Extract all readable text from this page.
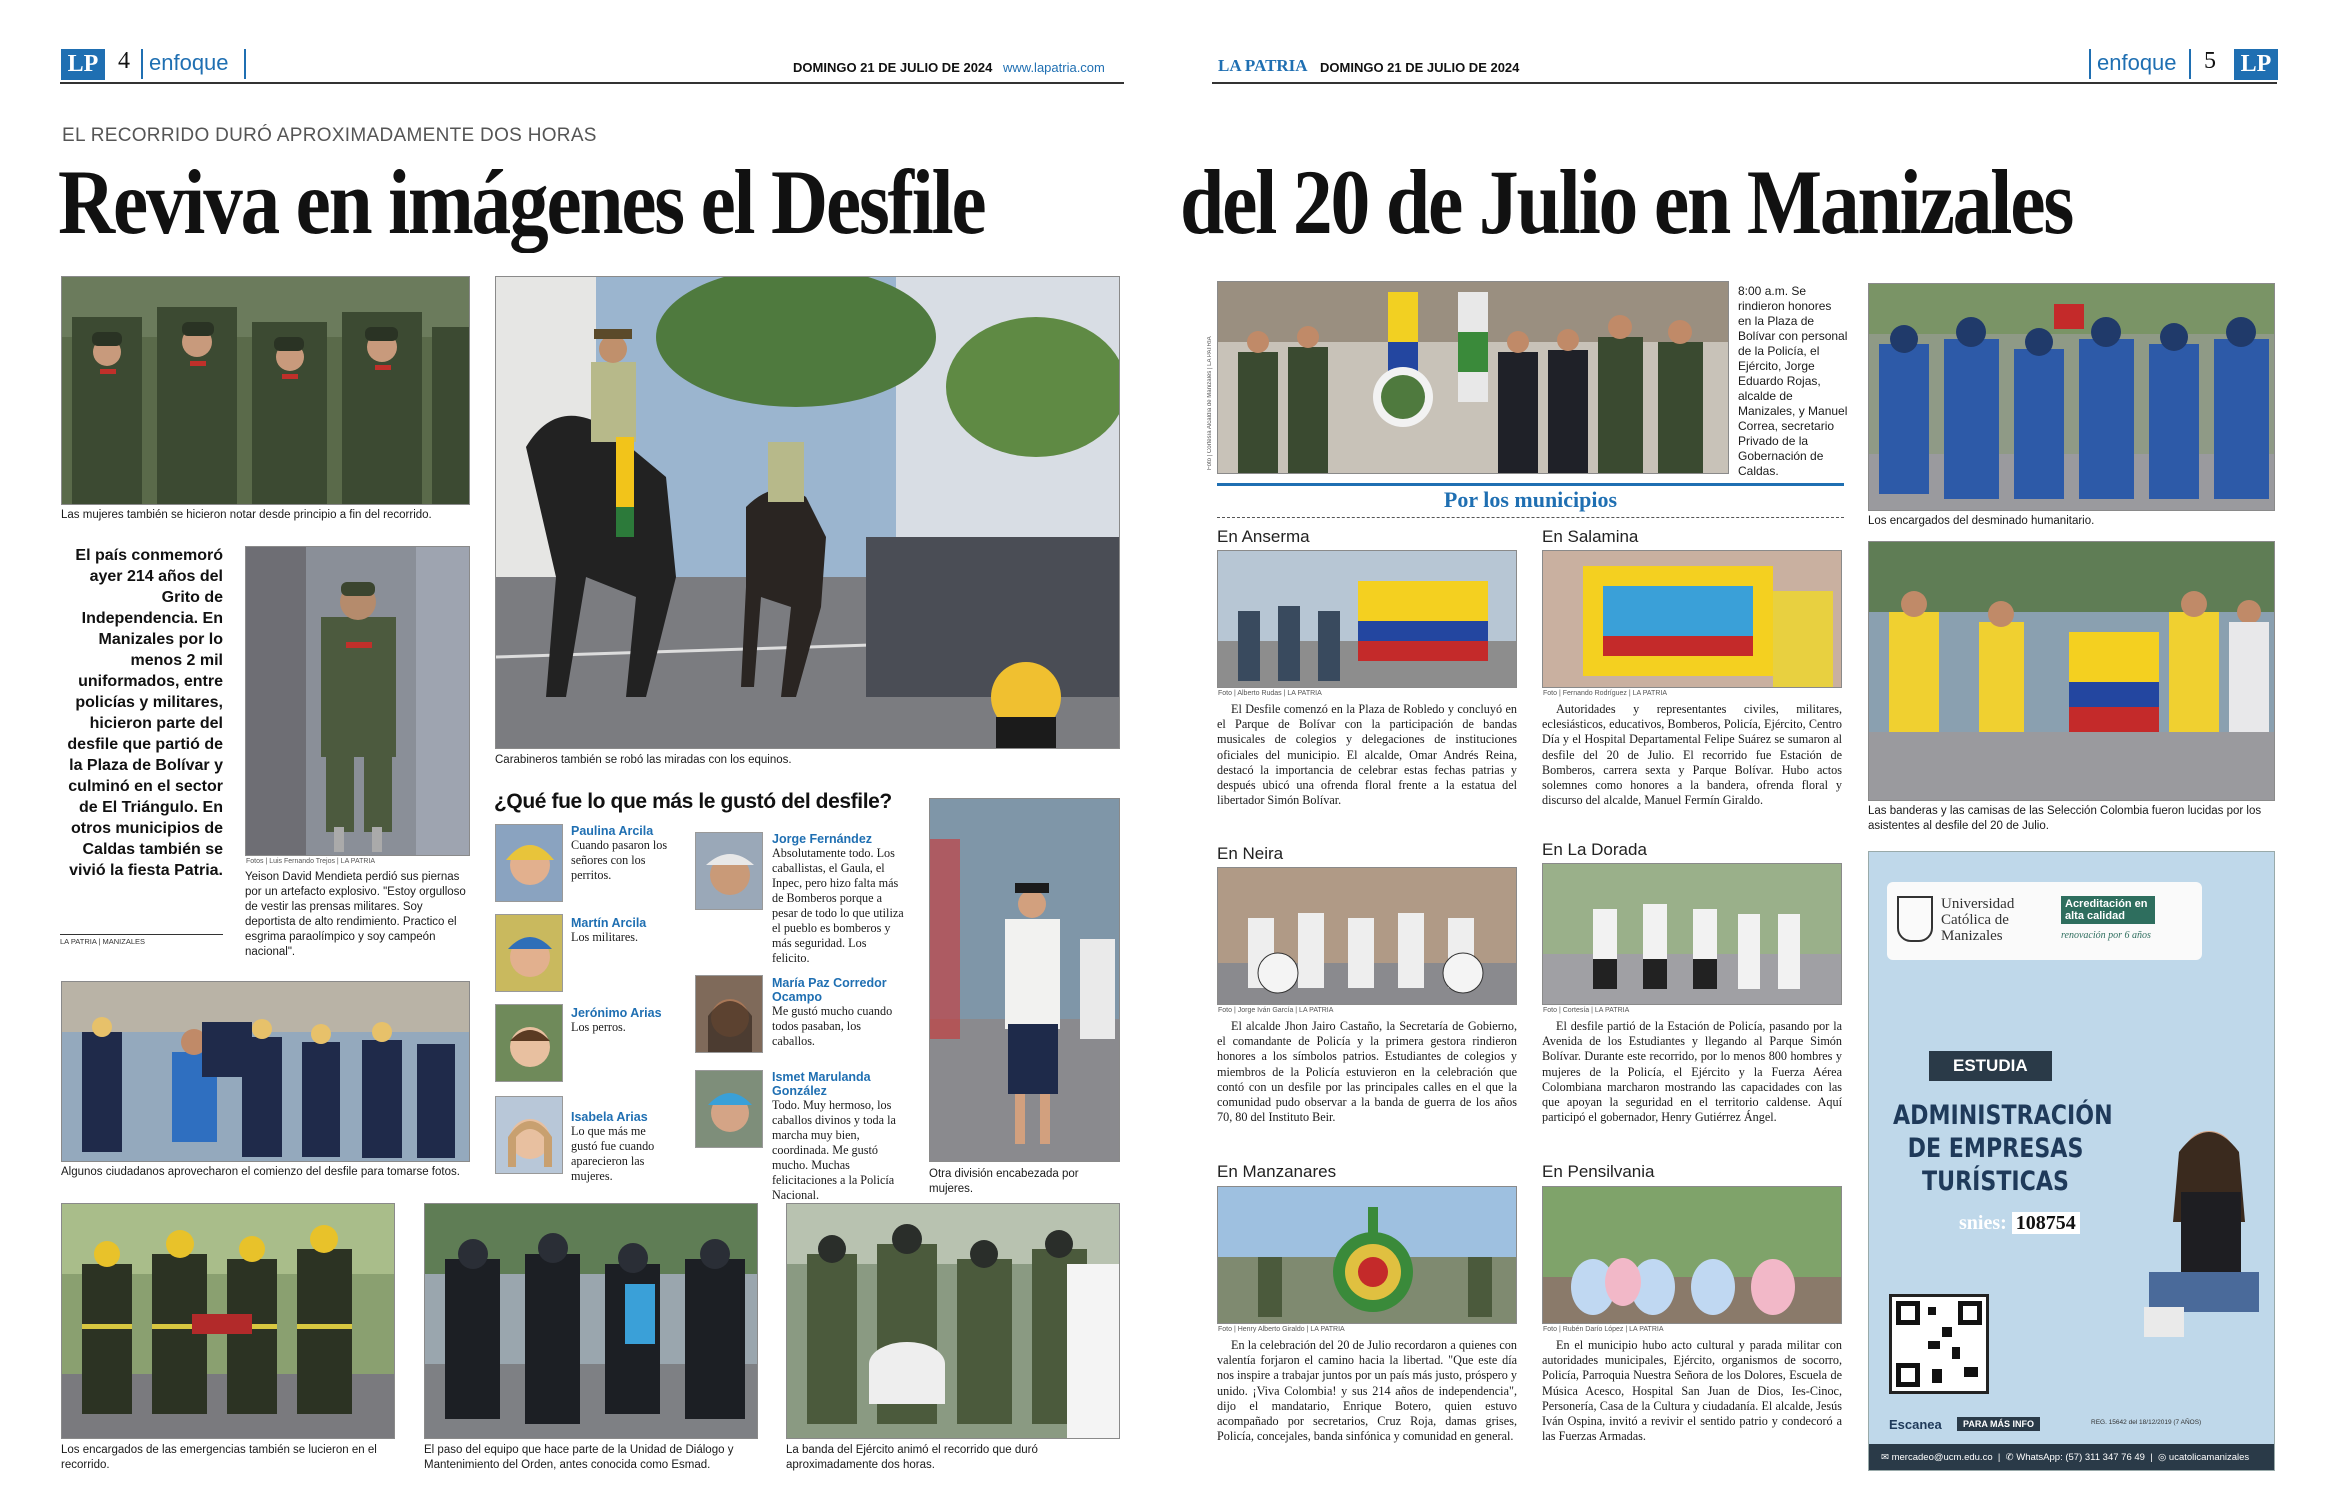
LP 4 enfoque	DOMINGO 21 DE JULIO DE 2024 www.lapatria.com	LA PATRIA DOMINGO 21 DE JULIO DE 2024	enfoque 5 LP
EL RECORRIDO DURÓ APROXIMADAMENTE DOS HORAS
Reviva en imágenes el Desfile del 20 de Julio en Manizales
Las mujeres también se hicieron notar desde principio a fin del recorrido.
El país conmemoró ayer 214 años del Grito de Independencia. En Manizales por lo menos 2 mil uniformados, entre policías y militares, hicieron parte del desfile que partió de la Plaza de Bolívar y culminó en el sector de El Triángulo. En otros municipios de Caldas también se vivió la fiesta Patria.
LA PATRIA | MANIZALES
Fotos | Luis Fernando Trejos | LA PATRIA
Yeison David Mendieta perdió sus piernas por un artefacto explosivo. "Estoy orgulloso de vestir las prensas militares. Soy deportista de alto rendimiento. Practico el esgrima paraolímpico y soy campeón nacional".
Carabineros también se robó las miradas con los equinos.
¿Qué fue lo que más le gustó del desfile?
Paulina Arcila
Cuando pasaron los señores con los perritos.
Martín Arcila
Los militares.
Jerónimo Arias
Los perros.
Isabela Arias
Lo que más me gustó fue cuando aparecieron las mujeres.
Jorge Fernández
Absolutamente todo. Los caballistas, el Gaula, el Inpec, pero hizo falta más de Bomberos porque a pesar de todo lo que utiliza el pueblo es bomberos y más seguridad. Los felicito.
María Paz Corredor Ocampo
Me gustó mucho cuando todos pasaban, los caballos.
Ismet Marulanda González
Todo. Muy hermoso, los caballos divinos y toda la marcha muy bien, coordinada. Me gustó mucho. Muchas felicitaciones a la Policía Nacional.
Otra división encabezada por mujeres.
Algunos ciudadanos aprovecharon el comienzo del desfile para tomarse fotos.
Los encargados de las emergencias también se lucieron en el recorrido.
El paso del equipo que hace parte de la Unidad de Diálogo y Mantenimiento del Orden, antes conocida como Esmad.
La banda del Ejército animó el recorrido que duró aproximadamente dos horas.
Foto | Cortesía Alcaldía de Manizales | LA PATRIA
8:00 a.m. Se rindieron honores en la Plaza de Bolívar con personal de la Policía, el Ejército, Jorge Eduardo Rojas, alcalde de Manizales, y Manuel Correa, secretario Privado de la Gobernación de Caldas.
Por los municipios
En Anserma
Foto | Alberto Rudas | LA PATRIA
El Desfile comenzó en la Plaza de Robledo y concluyó en el Parque de Bolívar con la participación de bandas musicales de colegios y delegaciones de instituciones oficiales del municipio. El alcalde, Omar Andrés Reina, destacó la importancia de celebrar estas fechas patrias y después ubicó una ofrenda floral frente a la estatua del libertador Simón Bolívar.
En Salamina
Foto | Fernando Rodríguez | LA PATRIA
Autoridades y representantes civiles, militares, eclesiásticos, educativos, Bomberos, Policía, Ejército, Centro Día y el Hospital Departamental Felipe Suárez se sumaron al desfile del 20 de Julio. El recorrido fue Estación de Bomberos, carrera sexta y Parque Bolívar. Hubo actos solemnes como honores a la bandera, ofrenda floral y discurso del alcalde, Manuel Fermín Giraldo.
En Neira
Foto | Jorge Iván García | LA PATRIA
El alcalde Jhon Jairo Castaño, la Secretaría de Gobierno, el comandante de Policía y la primera gestora rindieron honores a los símbolos patrios. Estudiantes de colegios y miembros de la Policía estuvieron en la celebración que contó con un desfile por las principales calles en el que la comunidad pudo observar a la banda de guerra de los años 70, 80 del Instituto Beir.
En La Dorada
Foto | Cortesía | LA PATRIA
El desfile partió de la Estación de Policía, pasando por la Avenida de los Estudiantes y llegando al Parque Simón Bolívar. Durante este recorrido, por lo menos 800 hombres y mujeres de la Policía, el Ejército y la Fuerza Aérea Colombiana marcharon mostrando las capacidades con las que apoyan la seguridad en el territorio caldense. Aquí participó el gobernador, Henry Gutiérrez Ángel.
En Manzanares
Foto | Henry Alberto Giraldo | LA PATRIA
En la celebración del 20 de Julio recordaron a quienes con valentía forjaron el camino hacia la libertad. "Que este día nos inspire a trabajar juntos por un país más justo, próspero y unido. ¡Viva Colombia! y sus 214 años de independencia", dijo el mandatario, Enrique Botero, quien estuvo acompañado por secretarios, Cruz Roja, damas grises, Policía, concejales, banda sinfónica y comunidad en general.
En Pensilvania
Foto | Rubén Darío López | LA PATRIA
En el municipio hubo acto cultural y parada militar con autoridades municipales, Ejército, organismos de socorro, Policía, Parroquia Nuestra Señora de los Dolores, Escuela de Música Acesco, Hospital San Juan de Dios, Ies-Cinoc, Personería, Casa de la Cultura y ciudadanía. El alcalde, Jesús Iván Ospina, invitó a revivir el sentido patrio y condecoró a las Fuerzas Armadas.
Los encargados del desminado humanitario.
Las banderas y las camisas de las Selección Colombia fueron lucidas por los asistentes al desfile del 20 de Julio.
Universidad Católica de Manizales
Acreditación en alta calidad
renovación por 6 años
ESTUDIA
ADMINISTRACIÓN DE EMPRESAS TURÍSTICAS
snies: 108754
Escanea	PARA MÁS INFO	REG. 15642 del 18/12/2019 (7 AÑOS)
✉ mercadeo@ucm.edu.co  |  ✆ WhatsApp: (57) 311 347 76 49  |  ◎ ucatolicamanizales
